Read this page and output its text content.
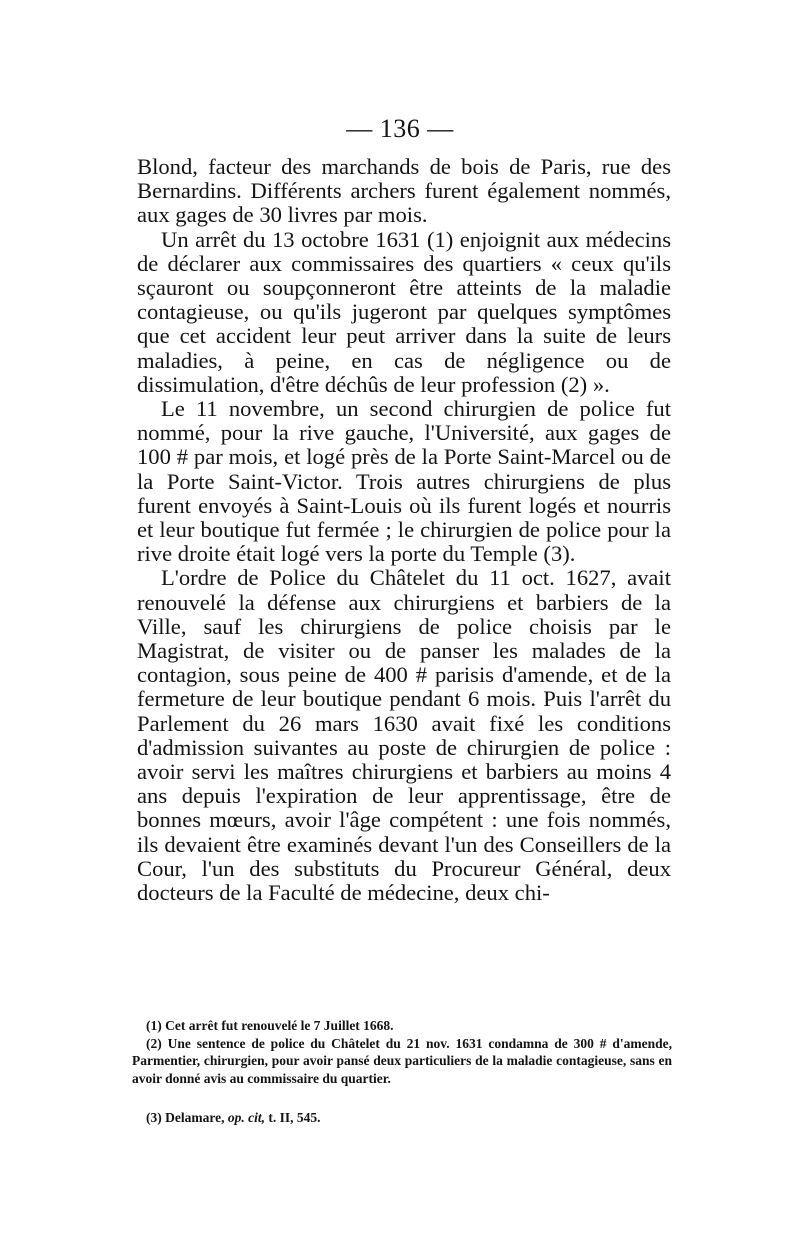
— 136 —

Blond, facteur des marchands de bois de Paris, rue des Bernardins. Différents archers furent également nommés, aux gages de 30 livres par mois.

Un arrêt du 13 octobre 1631 (1) enjoignit aux médecins de déclarer aux commissaires des quartiers « ceux qu'ils sçauront ou soupçonneront être atteints de la maladie contagieuse, ou qu'ils jugeront par quelques symptômes que cet accident leur peut arriver dans la suite de leurs maladies, à peine, en cas de négligence ou de dissimulation, d'être déchûs de leur profession (2) ».

Le 11 novembre, un second chirurgien de police fut nommé, pour la rive gauche, l'Université, aux gages de 100 # par mois, et logé près de la Porte Saint-Marcel ou de la Porte Saint-Victor. Trois autres chirurgiens de plus furent envoyés à Saint-Louis où ils furent logés et nourris et leur boutique fut fermée ; le chirurgien de police pour la rive droite était logé vers la porte du Temple (3).

L'ordre de Police du Châtelet du 11 oct. 1627, avait renouvelé la défense aux chirurgiens et barbiers de la Ville, sauf les chirurgiens de police choisis par le Magistrat, de visiter ou de panser les malades de la contagion, sous peine de 400 # parisis d'amende, et de la fermeture de leur boutique pendant 6 mois. Puis l'arrêt du Parlement du 26 mars 1630 avait fixé les conditions d'admission suivantes au poste de chirurgien de police : avoir servi les maîtres chirurgiens et barbiers au moins 4 ans depuis l'expiration de leur apprentissage, être de bonnes mœurs, avoir l'âge compétent : une fois nommés, ils devaient être examinés devant l'un des Conseillers de la Cour, l'un des substituts du Procureur Général, deux docteurs de la Faculté de médecine, deux chi-

(1) Cet arrêt fut renouvelé le 7 Juillet 1668.

(2) Une sentence de police du Châtelet du 21 nov. 1631 condamna de 300 # d'amende, Parmentier, chirurgien, pour avoir pansé deux particuliers de la maladie contagieuse, sans en avoir donné avis au commissaire du quartier.

(3) Delamare, op. cit, t. II, 545.
